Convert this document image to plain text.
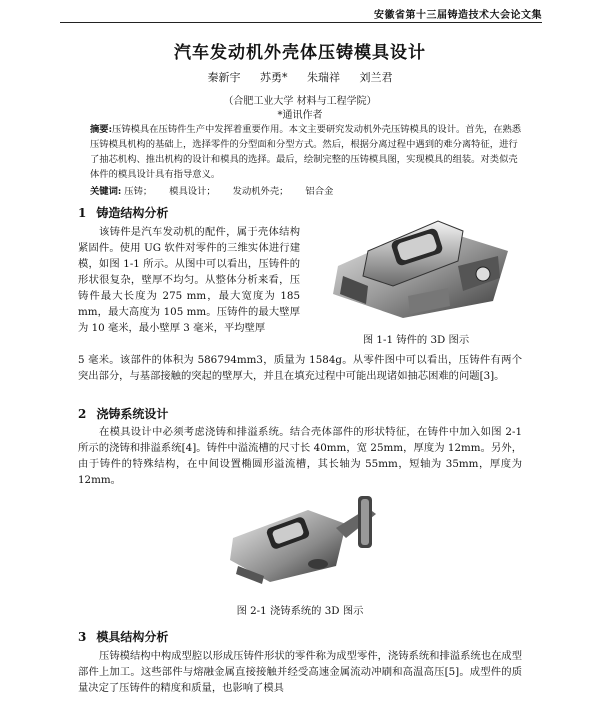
安徽省第十三届铸造技术大会论文集
汽车发动机外壳体压铸模具设计
秦新宇 苏勇* 朱瑞祥 刘兰君
（合肥工业大学 材料与工程学院）
*通讯作者
摘要:压铸模具在压铸件生产中发挥着重要作用。本文主要研究发动机外壳压铸模具的设计。首先，在熟悉压铸模具机构的基础上，选择零件的分型面和分型方式。然后，根据分离过程中遇到的难分离特征，进行了抽芯机构、推出机构的设计和模具的选择。最后，绘制完整的压铸模具图，实现模具的组装。对类似壳体件的模具设计具有指导意义。
关键词: 压铸； 模具设计； 发动机外壳； 铝合金
1 铸造结构分析
该铸件是汽车发动机的配件，属于壳体结构紧固件。使用 UG 软件对零件的三维实体进行建模，如图 1-1 所示。从图中可以看出，压铸件的形状很复杂，壁厚不均匀。从整体分析来看，压铸件最大长度为 275 mm，最大宽度为 185 mm，最大高度为 105 mm。压铸件的最大壁厚为 10 毫米，最小壁厚 3 毫米，平均壁厚
图 1-1 铸件的 3D 图示
5 毫米。该部件的体积为 586794mm3，质量为 1584g。从零件图中可以看出，压铸件有两个突出部分，与基部接触的突起的壁厚大，并且在填充过程中可能出现诸如抽芯困难的问题[3]。
2 浇铸系统设计
在模具设计中必须考虑浇铸和排溢系统。结合壳体部件的形状特征，在铸件中加入如图 2-1 所示的浇铸和排溢系统[4]。铸件中溢流槽的尺寸长 40mm，宽 25mm，厚度为 12mm。另外，由于铸件的特殊结构，在中间设置椭圆形溢流槽，其长轴为 55mm，短轴为 35mm，厚度为 12mm。
图 2-1 浇铸系统的 3D 图示
3 模具结构分析
压铸模结构中构成型腔以形成压铸件形状的零件称为成型零件，浇铸系统和排溢系统也在成型部件上加工。这些部件与熔融金属直接接触并经受高速金属流动冲刷和高温高压[5]。成型件的质量决定了压铸件的精度和质量，也影响了模具
